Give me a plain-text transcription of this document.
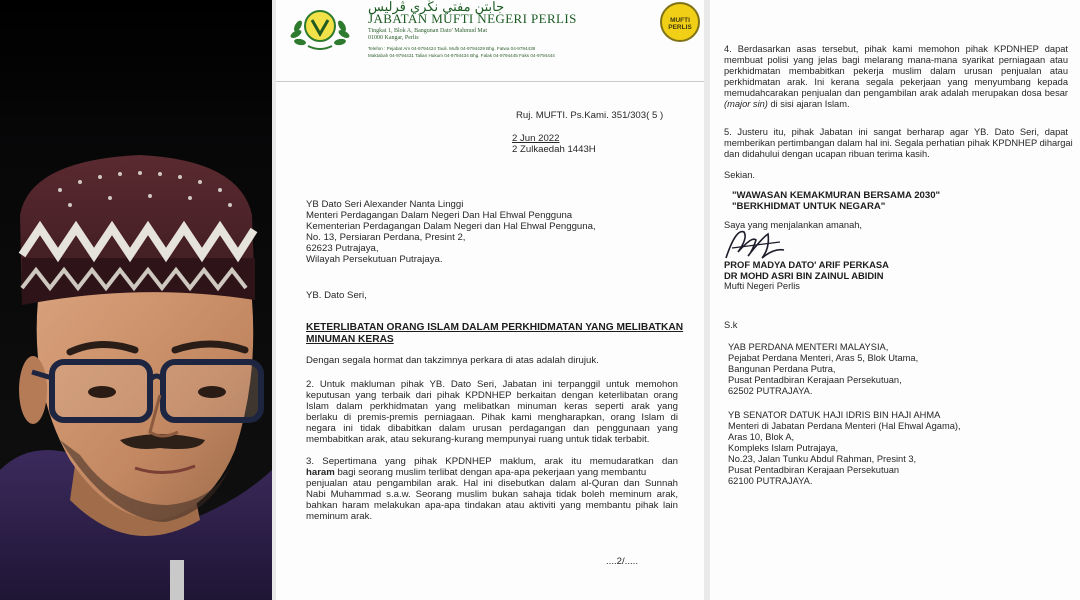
جابتن مفتي نڬري ڤرليس
JABATAN MUFTI NEGERI PERLIS
Tingkat 1, Blok A, Bangunan Dato' Mahmud Mat
01000 Kangar, Perlis
Telefon : Pejabat Am 04-9794424 Tauli. Mufti 04-9794429 Bhg. Fatwa 04-9794438
Maktabah 04-9794431 Talian Hukum 04-9794434 Bhg. Falak 04-9794445 Faks 04-9794444
MUFTI PERLIS
Ruj. MUFTI. Ps.Kami. 351/303( 5 )
2 Jun 2022
2 Zulkaedah 1443H
YB Dato Seri Alexander Nanta Linggi
Menteri Perdagangan Dalam Negeri Dan Hal Ehwal Pengguna
Kementerian Perdagangan Dalam Negeri dan Hal Ehwal Pengguna,
No. 13, Persiaran Perdana, Presint 2,
62623 Putrajaya,
Wilayah Persekutuan Putrajaya.
YB. Dato Seri,
KETERLIBATAN ORANG ISLAM DALAM PERKHIDMATAN YANG MELIBATKAN
MINUMAN KERAS
Dengan segala hormat dan takzimnya perkara di atas adalah dirujuk.
2. Untuk makluman pihak YB. Dato Seri, Jabatan ini terpanggil untuk memohon
keputusan yang terbaik dari pihak KPDNHEP berkaitan dengan keterlibatan orang
Islam dalam perkhidmatan yang melibatkan minuman keras seperti arak yang
berlaku di premis-premis perniagaan. Pihak kami mengharapkan, orang Islam di
negara ini tidak dibabitkan dalam urusan perdagangan dan penggunaan yang
membabitkan arak, atau sekurang-kurang mempunyai ruang untuk tidak terbabit.
3. Sepertimana yang pihak KPDNHEP maklum, arak itu memudaratkan dan
haram bagi seorang muslim terlibat dengan apa-apa pekerjaan yang membantu
penjualan atau pengambilan arak. Hal ini disebutkan dalam al-Quran dan Sunnah
Nabi Muhammad s.a.w. Seorang muslim bukan sahaja tidak boleh meminum arak,
bahkan haram melakukan apa-apa tindakan atau aktiviti yang membantu pihak lain
meminum arak.
....2/.....
4. Berdasarkan asas tersebut, pihak kami memohon pihak KPDNHEP dapat
membuat polisi yang jelas bagi melarang mana-mana syarikat perniagaan atau
perkhidmatan membabitkan pekerja muslim dalam urusan penjualan atau
perkhidmatan arak. Ini kerana segala pekerjaan yang menyumbang kepada
memudahcarakan penjualan dan pengambilan arak adalah merupakan dosa besar
(major sin) di sisi ajaran Islam.
5. Justeru itu, pihak Jabatan ini sangat berharap agar YB. Dato Seri, dapat
memberikan pertimbangan dalam hal ini. Segala perhatian pihak KPDNHEP dihargai
dan didahului dengan ucapan ribuan terima kasih.
Sekian.
"WAWASAN KEMAKMURAN BERSAMA 2030"
"BERKHIDMAT UNTUK NEGARA"
Saya yang menjalankan amanah,
PROF MADYA DATO' ARIF PERKASA
DR MOHD ASRI BIN ZAINUL ABIDIN
Mufti Negeri Perlis
S.k
YAB PERDANA MENTERI MALAYSIA,
Pejabat Perdana Menteri, Aras 5, Blok Utama,
Bangunan Perdana Putra,
Pusat Pentadbiran Kerajaan Persekutuan,
62502 PUTRAJAYA.
YB SENATOR DATUK HAJI IDRIS BIN HAJI AHMA
Menteri di Jabatan Perdana Menteri (Hal Ehwal Agama),
Aras 10, Blok A,
Kompleks Islam Putrajaya,
No.23, Jalan Tunku Abdul Rahman, Presint 3,
Pusat Pentadbiran Kerajaan Persekutuan
62100 PUTRAJAYA.
